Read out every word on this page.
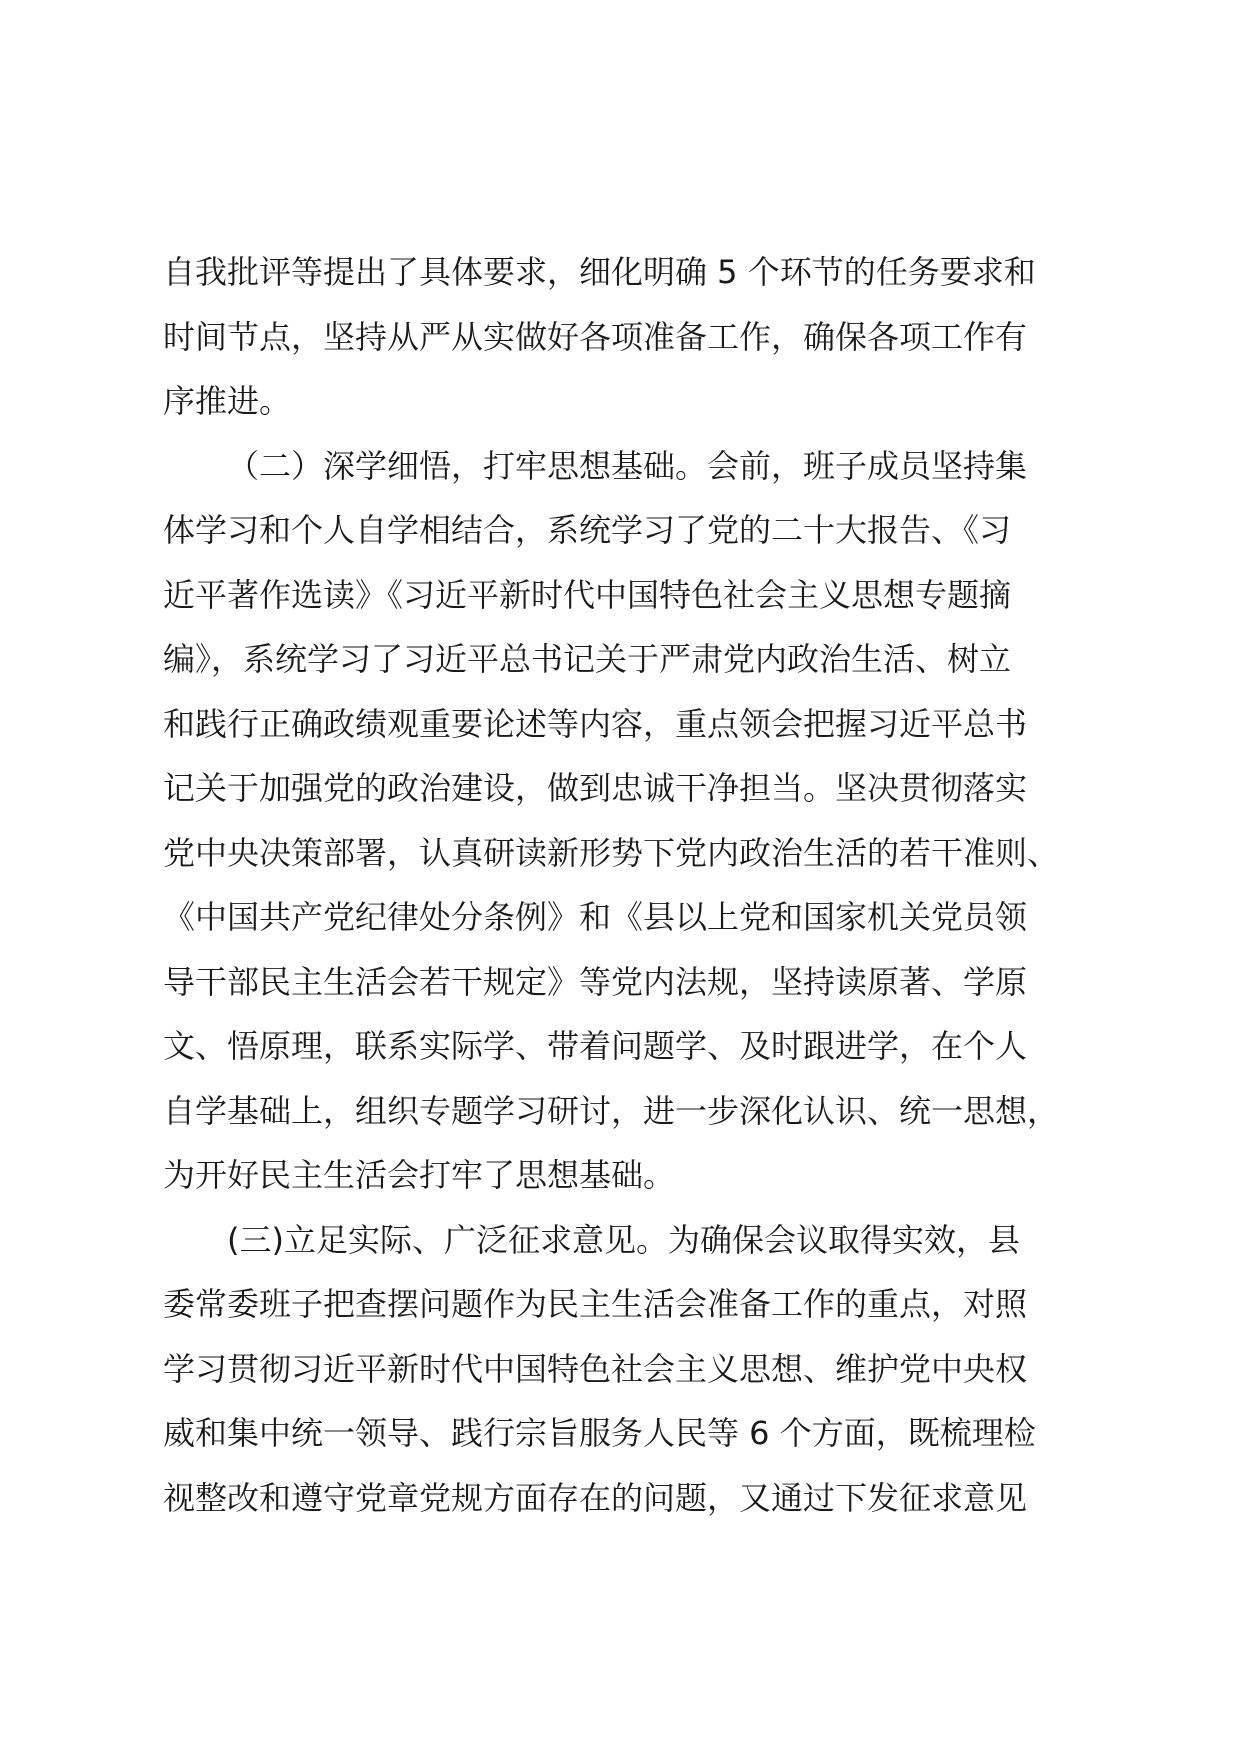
自我批评等提出了具体要求，细化明确 5 个环节的任务要求和
时间节点，坚持从严从实做好各项准备工作，确保各项工作有
序推进。
（二）深学细悟，打牢思想基础。会前，班子成员坚持集
体学习和个人自学相结合，系统学习了党的二十大报告、《习
近平著作选读》《习近平新时代中国特色社会主义思想专题摘
编》，系统学习了习近平总书记关于严肃党内政治生活、树立
和践行正确政绩观重要论述等内容，重点领会把握习近平总书
记关于加强党的政治建设，做到忠诚干净担当。坚决贯彻落实
党中央决策部署，认真研读新形势下党内政治生活的若干准则、
《中国共产党纪律处分条例》和《县以上党和国家机关党员领
导干部民主生活会若干规定》等党内法规，坚持读原著、学原
文、悟原理，联系实际学、带着问题学、及时跟进学，在个人
自学基础上，组织专题学习研讨，进一步深化认识、统一思想，
为开好民主生活会打牢了思想基础。
(三)立足实际、广泛征求意见。为确保会议取得实效，县
委常委班子把查摆问题作为民主生活会准备工作的重点，对照
学习贯彻习近平新时代中国特色社会主义思想、维护党中央权
威和集中统一领导、践行宗旨服务人民等 6 个方面，既梳理检
视整改和遵守党章党规方面存在的问题，又通过下发征求意见
